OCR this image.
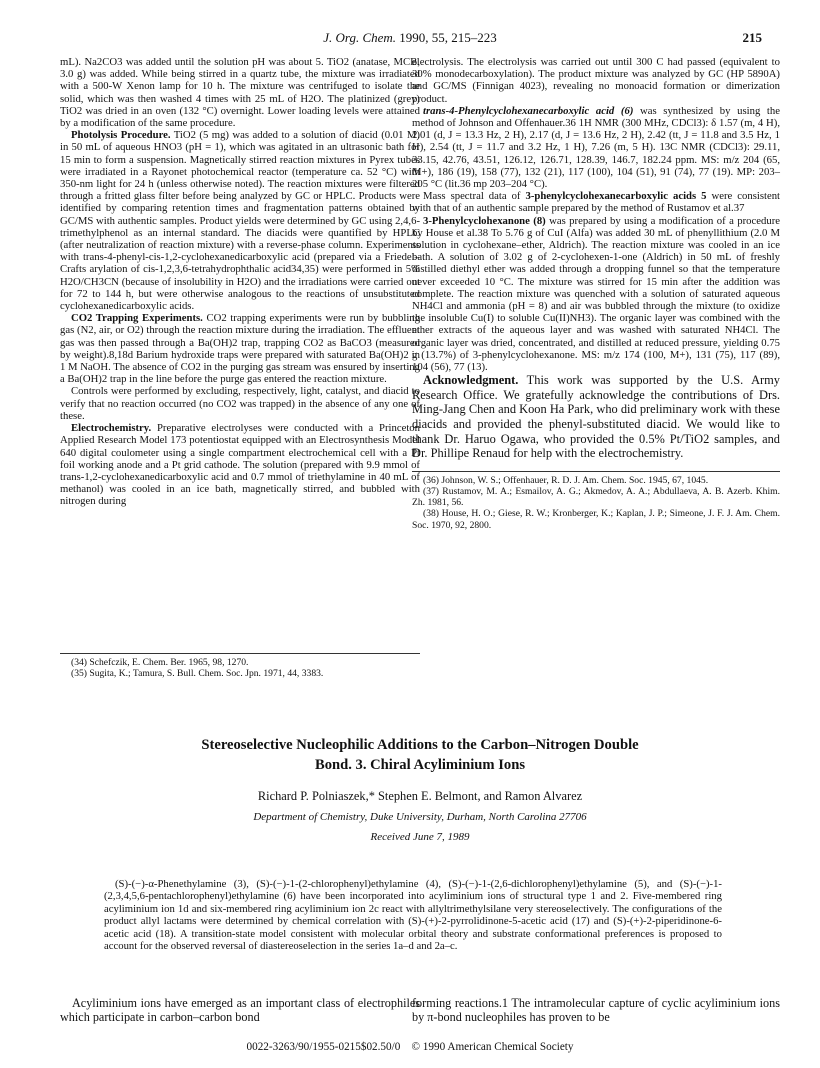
J. Org. Chem. 1990, 55, 215–223	215

mL). Na2CO3 was added until the solution pH was about 5. TiO2 (anatase, MCB, 3.0 g) was added. While being stirred in a quartz tube, the mixture was irradiated with a 500-W Xenon lamp for 10 h. The mixture was centrifuged to isolate the solid, which was then washed 4 times with 25 mL of H2O. The platinized (grey) TiO2 was dried in an oven (132 °C) overnight. Lower loading levels were attained by a modification of the same procedure.

Photolysis Procedure. TiO2 (5 mg) was added to a solution of diacid (0.01 M) in 50 mL of aqueous HNO3 (pH = 1), which was agitated in an ultrasonic bath for 15 min to form a suspension. Magnetically stirred reaction mixtures in Pyrex tubes were irradiated in a Rayonet photochemical reactor (temperature ca. 52 °C) with 350-nm light for 24 h (unless otherwise noted). The reaction mixtures were filtered through a fritted glass filter before being analyzed by GC or HPLC. Products were identified by comparing retention times and fragmentation patterns obtained by GC/MS with authentic samples. Product yields were determined by GC using 2,4,6-trimethylphenol as an internal standard. The diacids were quantified by HPLC (after neutralization of reaction mixture) with a reverse-phase column. Experiments with trans-4-phenyl-cis-1,2-cyclohexanedicarboxylic acid (prepared via a Friedel–Crafts arylation of cis-1,2,3,6-tetrahydrophthalic acid34,35) were performed in 5% H2O/CH3CN (because of insolubility in H2O) and the irradiations were carried out for 72 to 144 h, but were otherwise analogous to the reactions of unsubstituted cyclohexanedicarboxylic acids.

CO2 Trapping Experiments. CO2 trapping experiments were run by bubbling gas (N2, air, or O2) through the reaction mixture during the irradiation. The effluent gas was then passed through a Ba(OH)2 trap, trapping CO2 as BaCO3 (measured by weight).8,18d Barium hydroxide traps were prepared with saturated Ba(OH)2 in 1 M NaOH. The absence of CO2 in the purging gas stream was ensured by inserting a Ba(OH)2 trap in the line before the purge gas entered the reaction mixture.

Controls were performed by excluding, respectively, light, catalyst, and diacid to verify that no reaction occurred (no CO2 was trapped) in the absence of any one of these.

Electrochemistry. Preparative electrolyses were conducted with a Princeton Applied Research Model 173 potentiostat equipped with an Electrosynthesis Model 640 digital coulometer using a single compartment electrochemical cell with a Pt foil working anode and a Pt grid cathode. The solution (prepared with 9.9 mmol of trans-1,2-cyclohexanedicarboxylic acid and 0.7 mmol of triethylamine in 40 mL of methanol) was cooled in an ice bath, magnetically stirred, and bubbled with nitrogen during

(34) Schefczik, E. Chem. Ber. 1965, 98, 1270.

(35) Sugita, K.; Tamura, S. Bull. Chem. Soc. Jpn. 1971, 44, 3383.

electrolysis. The electrolysis was carried out until 300 C had passed (equivalent to 30% monodecarboxylation). The product mixture was analyzed by GC (HP 5890A) and GC/MS (Finnigan 4023), revealing no monoacid formation or dimerization product.

trans-4-Phenylcyclohexanecarboxylic acid (6) was synthesized by using the method of Johnson and Offenhauer.36 1H NMR (300 MHz, CDCl3): δ 1.57 (m, 4 H), 2.01 (d, J = 13.3 Hz, 2 H), 2.17 (d, J = 13.6 Hz, 2 H), 2.42 (tt, J = 11.8 and 3.5 Hz, 1 H), 2.54 (tt, J = 11.7 and 3.2 Hz, 1 H), 7.26 (m, 5 H). 13C NMR (CDCl3): 29.11, 33.15, 42.76, 43.51, 126.12, 126.71, 128.39, 146.7, 182.24 ppm. MS: m/z 204 (65, M+), 186 (19), 158 (77), 132 (21), 117 (100), 104 (51), 91 (74), 77 (19). MP: 203–205 °C (lit.36 mp 203–204 °C).

Mass spectral data of 3-phenylcyclohexanecarboxylic acids 5 were consistent with that of an authentic sample prepared by the method of Rustamov et al.37

3-Phenylcyclohexanone (8) was prepared by using a modification of a procedure by House et al.38 To 5.76 g of CuI (Alfa) was added 30 mL of phenyllithium (2.0 M solution in cyclohexane–ether, Aldrich). The reaction mixture was cooled in an ice bath. A solution of 3.02 g of 2-cyclohexen-1-one (Aldrich) in 50 mL of freshly distilled diethyl ether was added through a dropping funnel so that the temperature never exceeded 10 °C. The mixture was stirred for 15 min after the addition was complete. The reaction mixture was quenched with a solution of saturated aqueous NH4Cl and ammonia (pH = 8) and air was bubbled through the mixture (to oxidize the insoluble Cu(I) to soluble Cu(II)NH3). The organic layer was combined with the ether extracts of the aqueous layer and was washed with saturated NH4Cl. The organic layer was dried, concentrated, and distilled at reduced pressure, yielding 0.75 g (13.7%) of 3-phenylcyclohexanone. MS: m/z 174 (100, M+), 131 (75), 117 (89), 104 (56), 77 (13).

Acknowledgment. This work was supported by the U.S. Army Research Office. We gratefully acknowledge the contributions of Drs. Ming-Jang Chen and Koon Ha Park, who did preliminary work with these diacids and provided the phenyl-substituted diacid. We would like to thank Dr. Haruo Ogawa, who provided the 0.5% Pt/TiO2 samples, and Dr. Phillipe Renaud for help with the electrochemistry.

(36) Johnson, W. S.; Offenhauer, R. D. J. Am. Chem. Soc. 1945, 67, 1045.

(37) Rustamov, M. A.; Esmailov, A. G.; Akmedov, A. A.; Abdullaeva, A. B. Azerb. Khim. Zh. 1981, 56.

(38) House, H. O.; Giese, R. W.; Kronberger, K.; Kaplan, J. P.; Simeone, J. F. J. Am. Chem. Soc. 1970, 92, 2800.

Stereoselective Nucleophilic Additions to the Carbon–Nitrogen Double
Bond. 3. Chiral Acyliminium Ions

Richard P. Polniaszek,* Stephen E. Belmont, and Ramon Alvarez

Department of Chemistry, Duke University, Durham, North Carolina 27706

Received June 7, 1989

(S)-(−)-α-Phenethylamine (3), (S)-(−)-1-(2-chlorophenyl)ethylamine (4), (S)-(−)-1-(2,6-dichlorophenyl)ethylamine (5), and (S)-(−)-1-(2,3,4,5,6-pentachlorophenyl)ethylamine (6) have been incorporated into acyliminium ions of structural type 1 and 2. Five-membered ring acyliminium ion 1d and six-membered ring acyliminium ion 2c react with allyltrimethylsilane very stereoselectively. The configurations of the product allyl lactams were determined by chemical correlation with (S)-(+)-2-pyrrolidinone-5-acetic acid (17) and (S)-(+)-2-piperidinone-6-acetic acid (18). A transition-state model consistent with molecular orbital theory and substrate conformational preferences is proposed to account for the observed reversal of diastereoselection in the series 1a–d and 2a–c.

Acyliminium ions have emerged as an important class of electrophiles which participate in carbon–carbon bond

forming reactions.1 The intramolecular capture of cyclic acyliminium ions by π-bond nucleophiles has proven to be

0022-3263/90/1955-0215$02.50/0 © 1990 American Chemical Society
